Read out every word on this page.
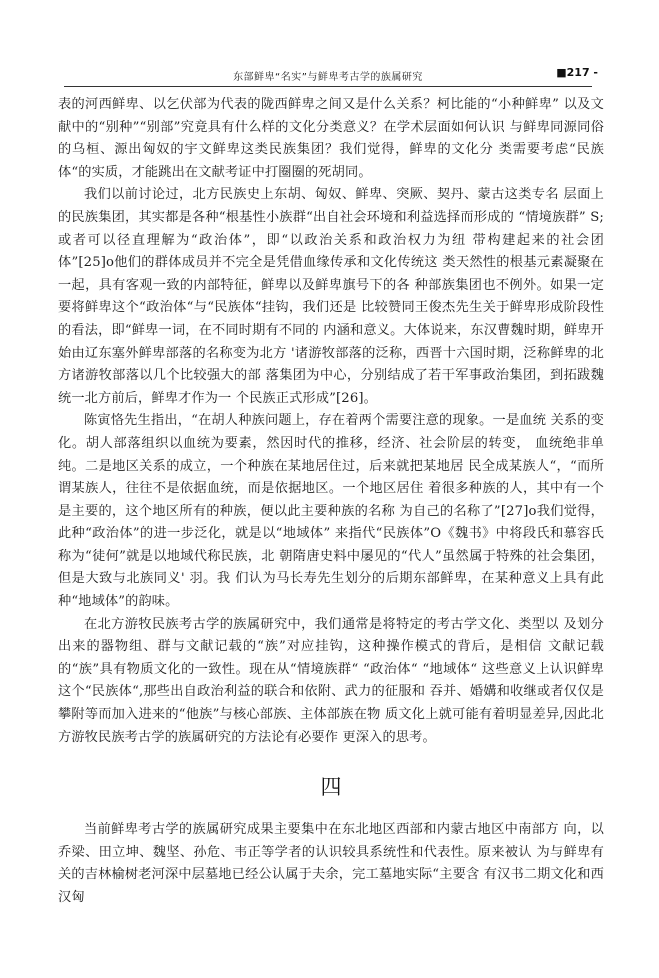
东部鲜卑“名实”与鲜卑考古学的族属研究	■217 -

表的河西鲜卑、以乞伏部为代表的陇西鲜卑之间又是什么关系？柯比能的“小种鲜卑” 以及文献中的“别种”“别部”究竟具有什么样的文化分类意义？在学术层面如何认识 与鲜卑同源同俗的乌桓、源出匈奴的宇文鲜卑这类民族集团？我们觉得，鲜卑的文化分 类需要考虑“民族体“的实质，才能跳出在文献考证中打圈圈的死胡同。

我们以前讨论过，北方民族史上东胡、匈奴、鲜卑、突厥、契丹、蒙古这类专名 层面上的民族集团，其实都是各种“根基性小族群“出自社会环境和利益选择而形成的 “情境族群” S;或者可以径直理解为“政治体”，即“以政治关系和政治权力为纽 带构建起来的社会团体”[25]o他们的群体成员并不完全是凭借血缘传承和文化传统这 类天然性的根基元素凝聚在一起，具有客观一致的内部特征，鲜卑以及鲜卑旗号下的各 种部族集团也不例外。如果一定要将鲜卑这个“政治体“与“民族体“挂钩，我们还是 比较赞同王俊杰先生关于鲜卑形成阶段性的看法，即“鲜卑一词，在不同时期有不同的 内涵和意义。大体说来，东汉曹魏时期，鲜卑开始由辽东塞外鲜卑部落的名称变为北方 '诸游牧部落的泛称，西晋十六国时期，泛称鲜卑的北方诸游牧部落以几个比较强大的部 落集团为中心，分别结成了若干军事政治集团，到拓跋魏统一北方前后，鲜卑才作为一 个民族正式形成”[26]。

陈寅恪先生指出，“在胡人种族问题上，存在着两个需要注意的现象。一是血统 关系的变化。胡人部落组织以血统为要素，然因时代的推移，经济、社会阶层的转变， 血统绝非单纯。二是地区关系的成立，一个种族在某地居住过，后来就把某地居 民全成某族人“，“而所谓某族人，往往不是依据血统，而是依据地区。一个地区居住 着很多种族的人，其中有一个是主要的，这个地区所有的种族，便以此主要种族的名称 为自己的名称了”[27]o我们觉得，此种“政治体”的进一步泛化，就是以“地域体” 来指代“民族体”O《魏书》中将段氏和慕容氏称为“徒何”就是以地域代称民族，北 朝隋唐史料中屡见的“代人”虽然属于特殊的社会集团，但是大致与北族同义' 羽。我 们认为马长寿先生划分的后期东部鲜卑，在某种意义上具有此种“地域体”的韵味。

在北方游牧民族考古学的族属研究中，我们通常是将特定的考古学文化、类型以 及划分出来的器物组、群与文献记载的“族”对应挂钩，这种操作模式的背后，是相信 文献记载的“族”具有物质文化的一致性。现在从“情境族群“ “政治体“ “地域体“ 这些意义上认识鲜卑这个“民族体“,那些出自政治利益的联合和依附、武力的征服和 吞并、婚媾和收继或者仅仅是攀附等而加入进来的“他族”与核心部族、主体部族在物 质文化上就可能有着明显差异,因此北方游牧民族考古学的族属研究的方法论有必要作 更深入的思考。

四

当前鲜卑考古学的族属研究成果主要集中在东北地区西部和内蒙古地区中南部方 向，以乔梁、田立坤、魏坚、孙危、韦正等学者的认识较具系统性和代表性。原来被认 为与鲜卑有关的吉林榆树老河深中层墓地已经公认属于夫余，完工墓地实际“主要含 有汉书二期文化和西汉匈
